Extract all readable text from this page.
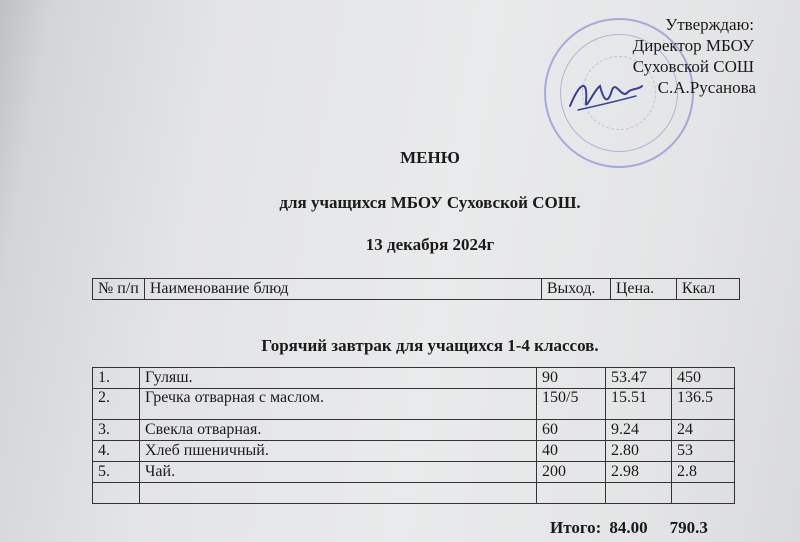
Утверждаю:
Директор МБОУ
Суховской СОШ
С.А.Русанова
МЕНЮ
для учащихся МБОУ Суховской СОШ.
13 декабря 2024г
№ п/п	Наименование блюд	Выход.	Цена.	Ккал
Горячий завтрак для учащихся 1-4 классов.
1.	Гуляш.	90	53.47	450
2.	Гречка отварная с маслом.	150/5	15.51	136.5
3.	Свекла отварная.	60	9.24	24
4.	Хлеб пшеничный.	40	2.80	53
5.	Чай.	200	2.98	2.8

Итого: 84.00 790.3
